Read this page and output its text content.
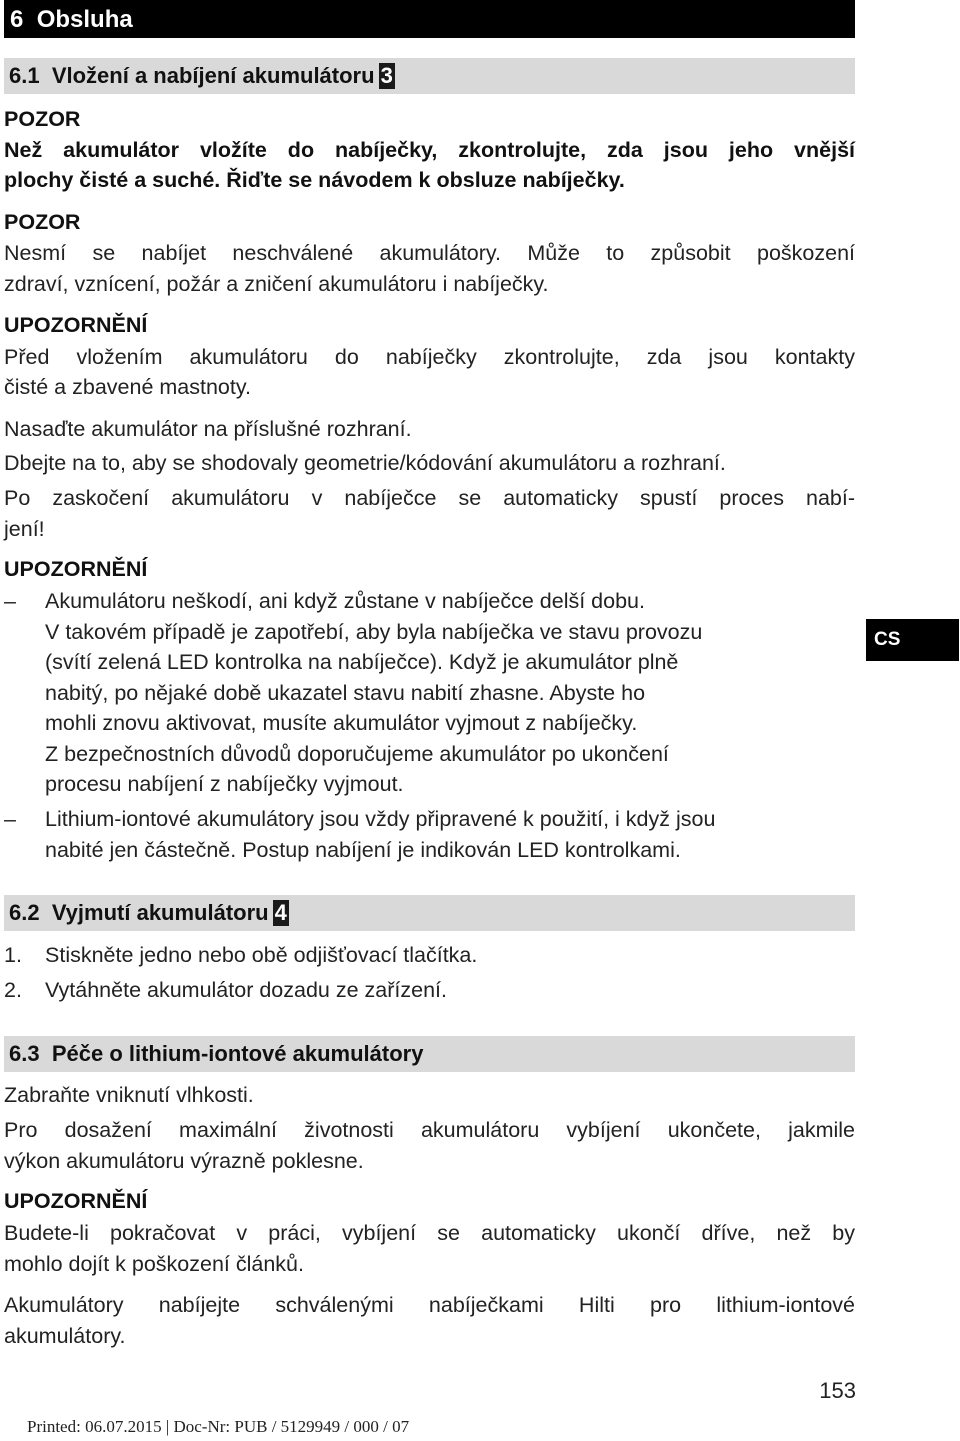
6 Obsluha
6.1 Vložení a nabíjení akumulátoru 3
POZOR
Než akumulátor vložíte do nabíječky, zkontrolujte, zda jsou jeho vnější
plochy čisté a suché. Řiďte se návodem k obsluze nabíječky.
POZOR
Nesmí se nabíjet neschválené akumulátory. Může to způsobit poškození
zdraví, vznícení, požár a zničení akumulátoru i nabíječky.
UPOZORNĚNÍ
Před vložením akumulátoru do nabíječky zkontrolujte, zda jsou kontakty
čisté a zbavené mastnoty.
Nasaďte akumulátor na příslušné rozhraní.
Dbejte na to, aby se shodovaly geometrie/kódování akumulátoru a rozhraní.
Po zaskočení akumulátoru v nabíječce se automaticky spustí proces nabí-
jení!
UPOZORNĚNÍ
– Akumulátoru neškodí, ani když zůstane v nabíječce delší dobu.
V takovém případě je zapotřebí, aby byla nabíječka ve stavu provozu
(svítí zelená LED kontrolka na nabíječce). Když je akumulátor plně
nabitý, po nějaké době ukazatel stavu nabití zhasne. Abyste ho
mohli znovu aktivovat, musíte akumulátor vyjmout z nabíječky.
Z bezpečnostních důvodů doporučujeme akumulátor po ukončení
procesu nabíjení z nabíječky vyjmout.
– Lithium-iontové akumulátory jsou vždy připravené k použití, i když jsou
nabité jen částečně. Postup nabíjení je indikován LED kontrolkami.
6.2 Vyjmutí akumulátoru 4
1. Stiskněte jedno nebo obě odjišťovací tlačítka.
2. Vytáhněte akumulátor dozadu ze zařízení.
6.3 Péče o lithium-iontové akumulátory
Zabraňte vniknutí vlhkosti.
Pro dosažení maximální životnosti akumulátoru vybíjení ukončete, jakmile
výkon akumulátoru výrazně poklesne.
UPOZORNĚNÍ
Budete-li pokračovat v práci, vybíjení se automaticky ukončí dříve, než by
mohlo dojít k poškození článků.
Akumulátory nabíjejte schválenými nabíječkami Hilti pro lithium-iontové
akumulátory.
CS
153
Printed: 06.07.2015 | Doc-Nr: PUB / 5129949 / 000 / 07
